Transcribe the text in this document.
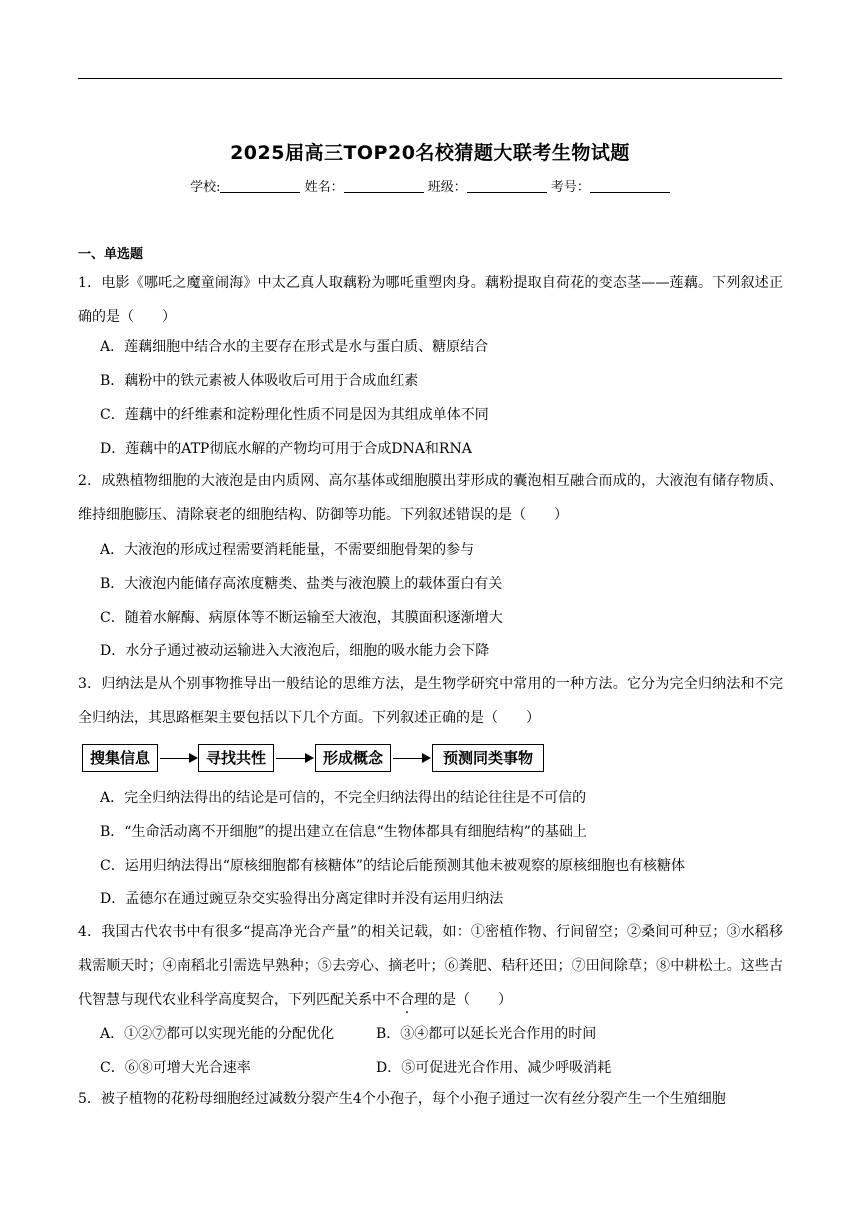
2025届高三TOP20名校猜题大联考生物试题
学校:	姓名：	班级：	考号：
一、单选题
1．电影《哪吒之魔童闹海》中太乙真人取藕粉为哪吒重塑肉身。藕粉提取自荷花的变态茎——莲藕。下列叙述正确的是（　　）
A．莲藕细胞中结合水的主要存在形式是水与蛋白质、糖原结合
B．藕粉中的铁元素被人体吸收后可用于合成血红素
C．莲藕中的纤维素和淀粉理化性质不同是因为其组成单体不同
D．莲藕中的ATP彻底水解的产物均可用于合成DNA和RNA
2．成熟植物细胞的大液泡是由内质网、高尔基体或细胞膜出芽形成的囊泡相互融合而成的，大液泡有储存物质、维持细胞膨压、清除衰老的细胞结构、防御等功能。下列叙述错误的是（　　）
A．大液泡的形成过程需要消耗能量，不需要细胞骨架的参与
B．大液泡内能储存高浓度糖类、盐类与液泡膜上的载体蛋白有关
C．随着水解酶、病原体等不断运输至大液泡，其膜面积逐渐增大
D．水分子通过被动运输进入大液泡后，细胞的吸水能力会下降
3．归纳法是从个别事物推导出一般结论的思维方法，是生物学研究中常用的一种方法。它分为完全归纳法和不完全归纳法，其思路框架主要包括以下几个方面。下列叙述正确的是（　　）
搜集信息	寻找共性	形成概念	预测同类事物
A．完全归纳法得出的结论是可信的，不完全归纳法得出的结论往往是不可信的
B．“生命活动离不开细胞”的提出建立在信息“生物体都具有细胞结构”的基础上
C．运用归纳法得出“原核细胞都有核糖体”的结论后能预测其他未被观察的原核细胞也有核糖体
D．孟德尔在通过豌豆杂交实验得出分离定律时并没有运用归纳法
4．我国古代农书中有很多“提高净光合产量”的相关记载，如：①密植作物、行间留空；②桑间可种豆；③水稻移栽需顺天时；④南稻北引需选早熟种；⑤去旁心、摘老叶；⑥粪肥、秸秆还田；⑦田间除草；⑧中耕松土。这些古代智慧与现代农业科学高度契合，下列匹配关系中不合理的是（　　）
A．①②⑦都可以实现光能的分配优化	B．③④都可以延长光合作用的时间
C．⑥⑧可增大光合速率	D．⑤可促进光合作用、减少呼吸消耗
5．被子植物的花粉母细胞经过减数分裂产生4个小孢子，每个小孢子通过一次有丝分裂产生一个生殖细胞
